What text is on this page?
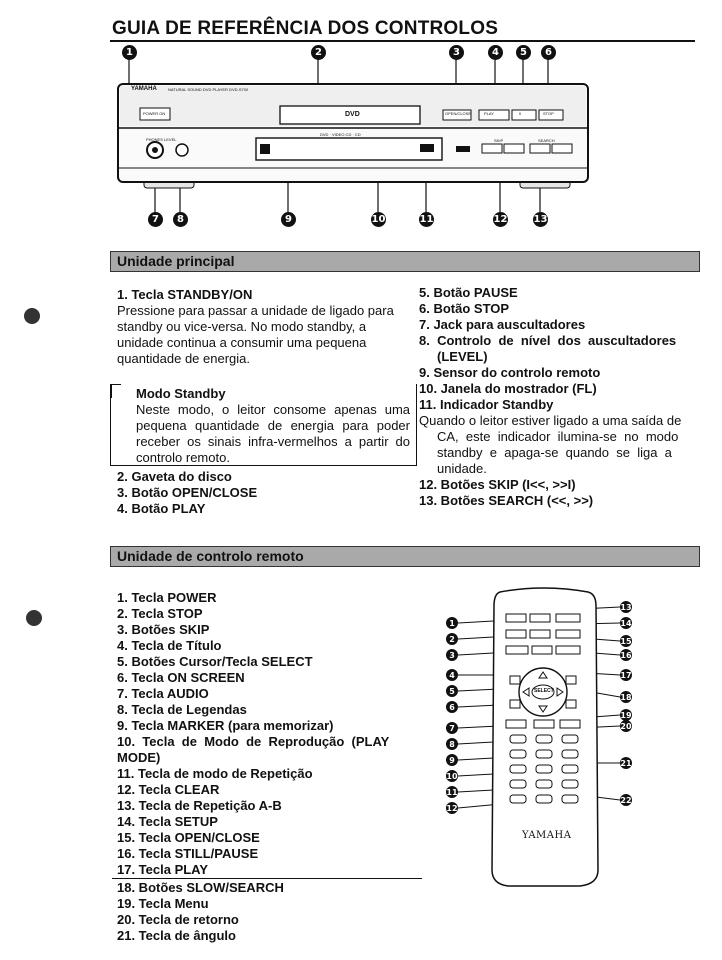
GUIA DE REFERÊNCIA DOS CONTROLOS
YAMAHA	NATURAL SOUND DVD PLAYER DVD-S700
DVD
POWER ON	OPEN/CLOSE
DVD · VIDEO CD · CD
PLAY	II	STOP
SKIP	SEARCH
PHONES LEVEL
1	2	3	4	5	6
7	8	9	10	11	12	13
Unidade principal
1. Tecla STANDBY/ON
Pressione para passar a unidade de ligado para
standby ou vice-versa. No modo standby, a
unidade continua a consumir uma pequena
quantidade de energia.
Modo Standby
Neste modo, o leitor consome apenas uma
pequena quantidade de energia para poder
receber os sinais infra-vermelhos a partir do
controlo remoto.
2. Gaveta do disco
3. Botão OPEN/CLOSE
4. Botão PLAY
5. Botão PAUSE
6. Botão STOP
7. Jack para auscultadores
8.  Controlo  de  nível  dos  auscultadores
(LEVEL)
9. Sensor do controlo remoto
10. Janela do mostrador (FL)
11. Indicador Standby
Quando o leitor estiver ligado a uma saída de
CA,  este  indicador  ilumina-se  no  modo
standby  e  apaga-se  quando  se  liga  a
unidade.
12. Botões SKIP (I<<, >>I)
13. Botões SEARCH (<<, >>)
Unidade de controlo remoto
1. Tecla POWER
2. Tecla STOP
3. Botões SKIP
4. Tecla de Título
5. Botões Cursor/Tecla SELECT
6. Tecla ON SCREEN
7. Tecla AUDIO
8. Tecla de Legendas
9. Tecla MARKER (para memorizar)
10.  Tecla  de  Modo  de  Reprodução  (PLAY
MODE)
11. Tecla de modo de Repetição
12. Tecla CLEAR
13. Tecla de Repetição A-B
14. Tecla SETUP
15. Tecla OPEN/CLOSE
16. Tecla STILL/PAUSE
17. Tecla PLAY
18. Botões SLOW/SEARCH
19. Tecla Menu
20. Tecla de retorno
21. Tecla de ângulo
SELECT
YAMAHA
1
2
3
4
5
6
7
8
9
10
11
12
13
14
15
16
17
18
19
20
21
22
